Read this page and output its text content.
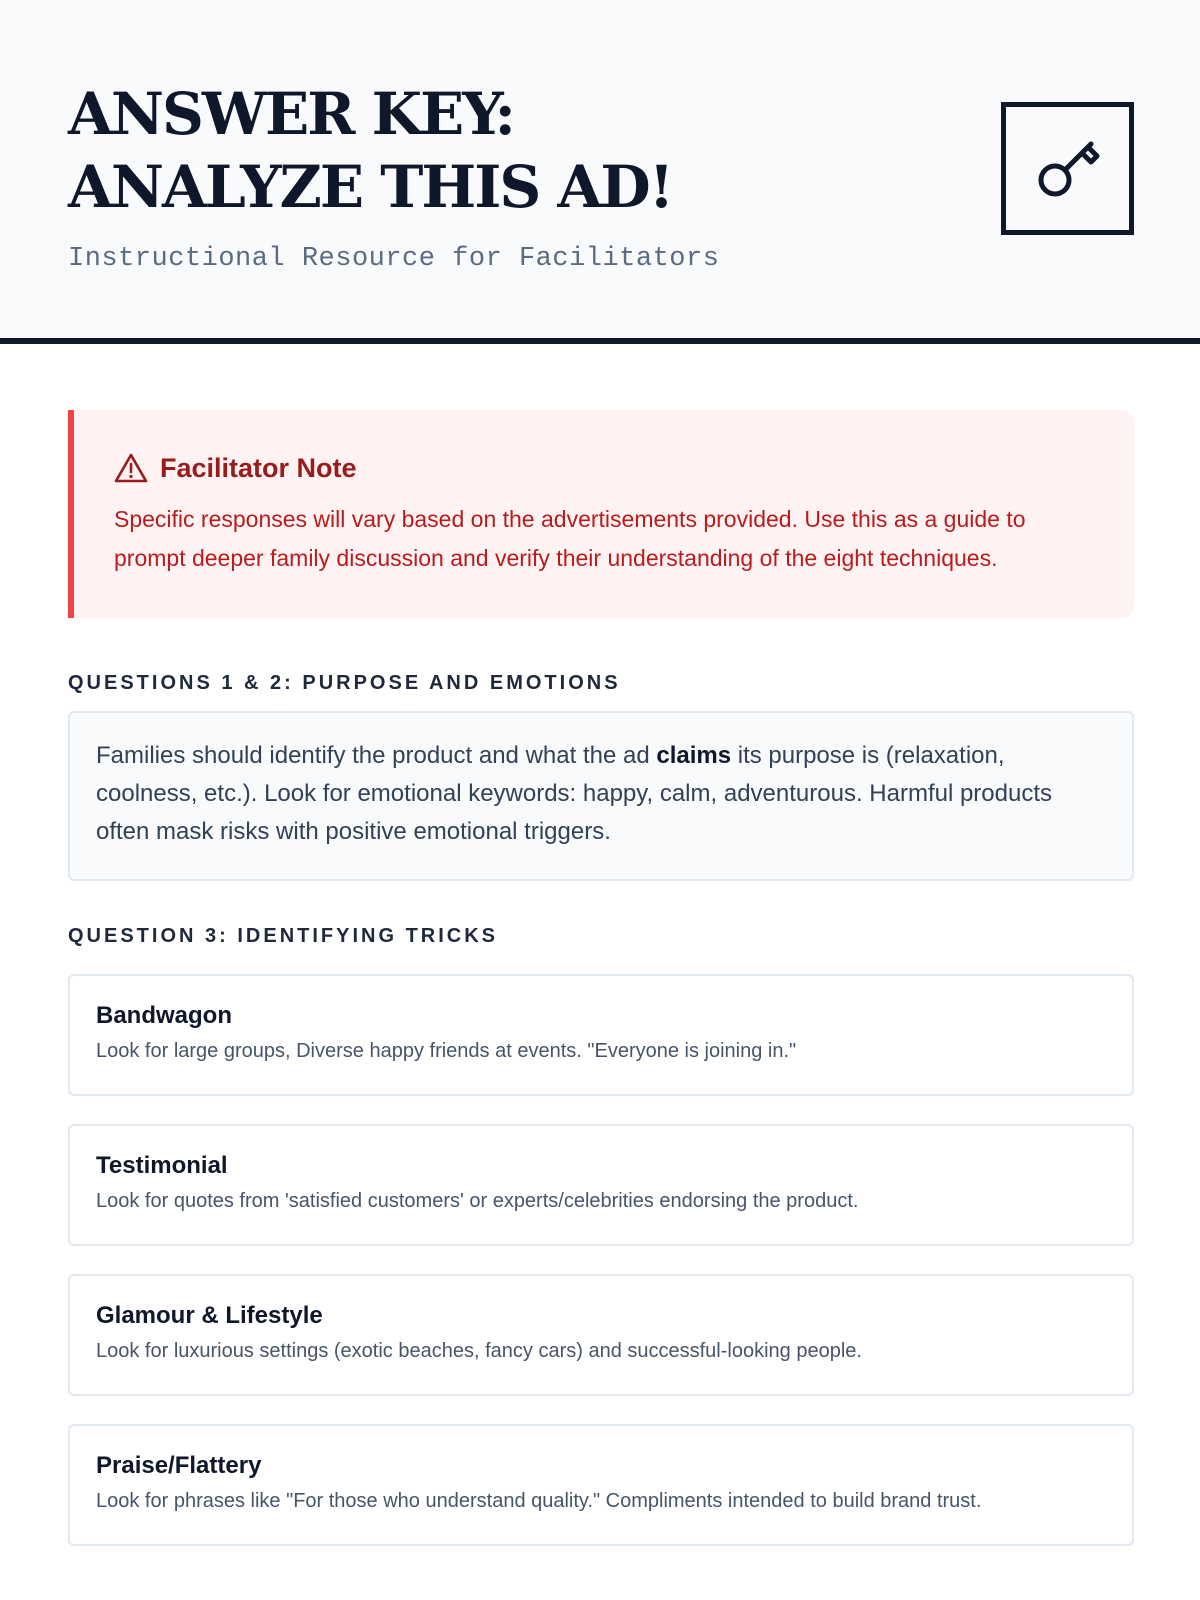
ANSWER KEY:
ANALYZE THIS AD!
Instructional Resource for Facilitators
Facilitator Note

Specific responses will vary based on the advertisements provided. Use this as a guide to prompt deeper family discussion and verify their understanding of the eight techniques.

QUESTIONS 1 & 2: PURPOSE AND EMOTIONS
Families should identify the product and what the ad claims its purpose is (relaxation, coolness, etc.). Look for emotional keywords: happy, calm, adventurous. Harmful products often mask risks with positive emotional triggers.
QUESTION 3: IDENTIFYING TRICKS
Bandwagon
Look for large groups, Diverse happy friends at events. "Everyone is joining in."
Testimonial
Look for quotes from 'satisfied customers' or experts/celebrities endorsing the product.
Glamour & Lifestyle
Look for luxurious settings (exotic beaches, fancy cars) and successful-looking people.
Praise/Flattery
Look for phrases like "For those who understand quality." Compliments intended to build brand trust.
